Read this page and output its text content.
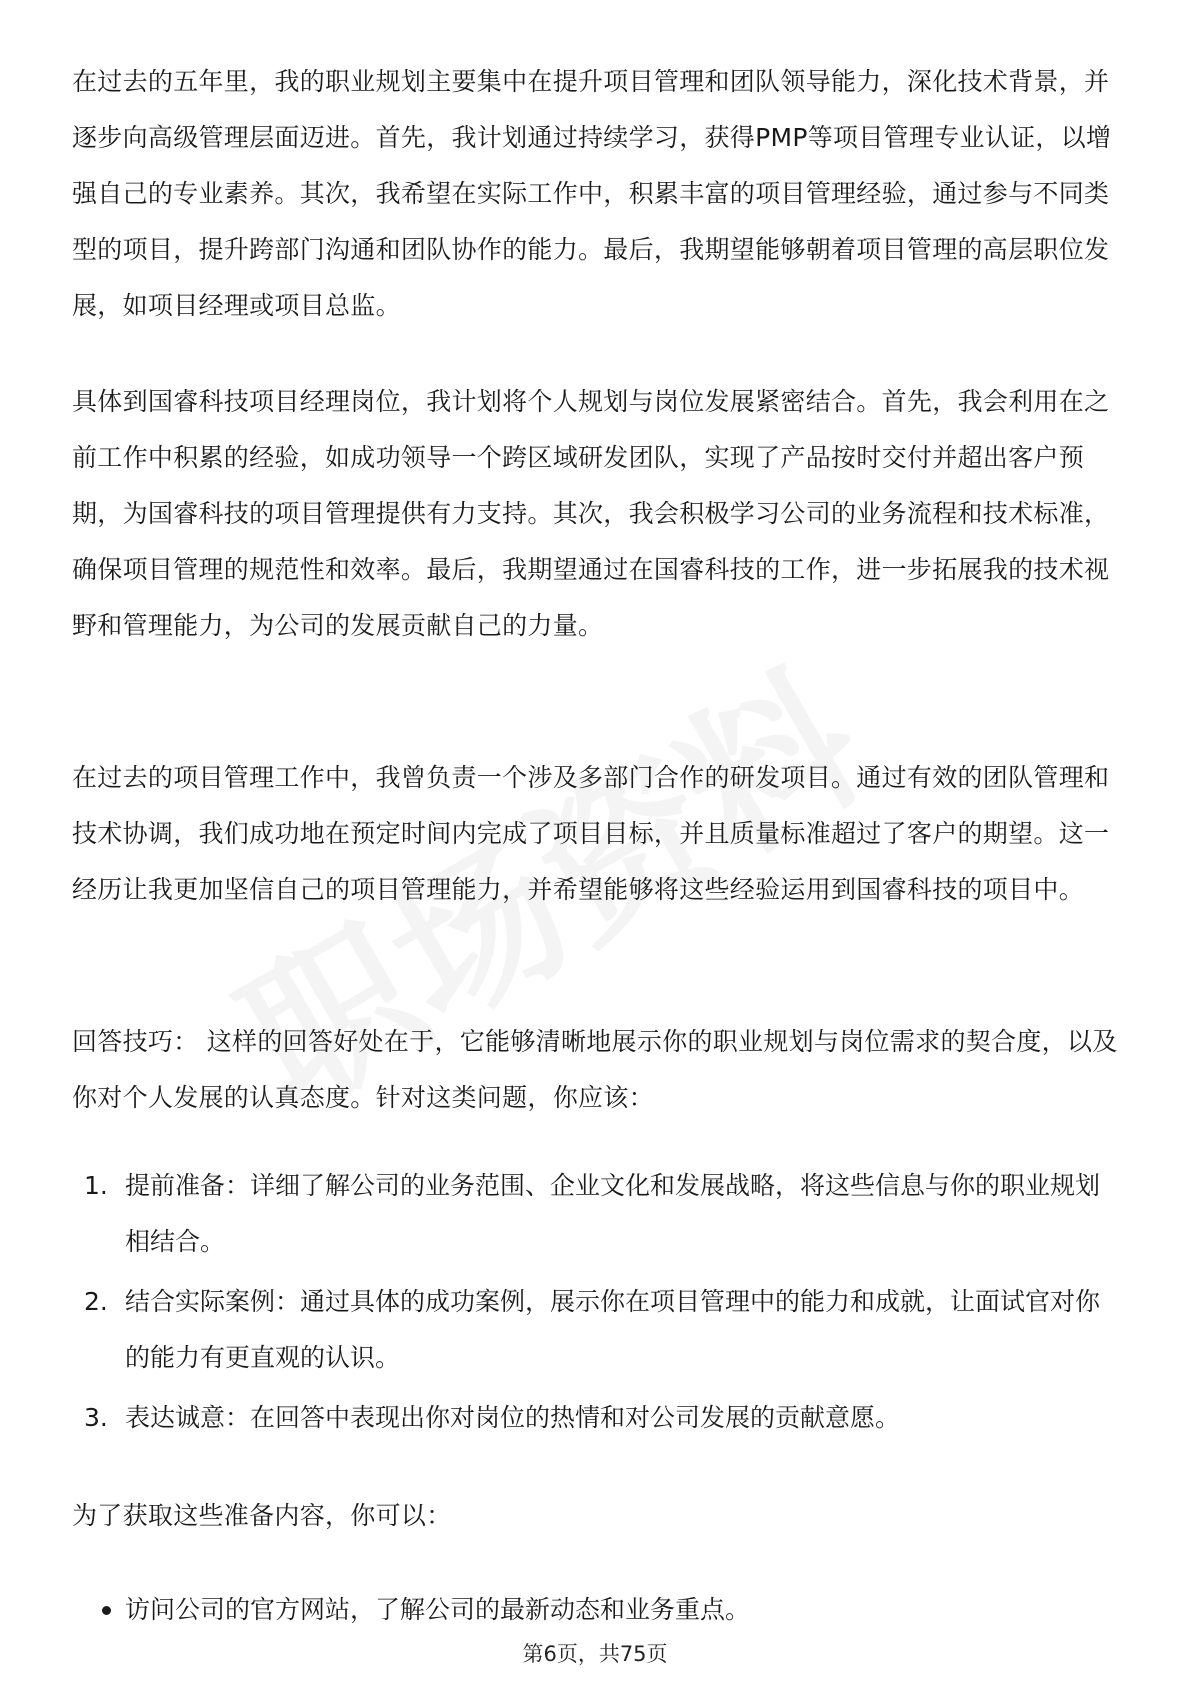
在过去的五年里，我的职业规划主要集中在提升项目管理和团队领导能力，深化技术背景，并逐步向高级管理层面迈进。首先，我计划通过持续学习，获得PMP等项目管理专业认证，以增强自己的专业素养。其次，我希望在实际工作中，积累丰富的项目管理经验，通过参与不同类型的项目，提升跨部门沟通和团队协作的能力。最后，我期望能够朝着项目管理的高层职位发展，如项目经理或项目总监。

具体到国睿科技项目经理岗位，我计划将个人规划与岗位发展紧密结合。首先，我会利用在之前工作中积累的经验，如成功领导一个跨区域研发团队，实现了产品按时交付并超出客户预期，为国睿科技的项目管理提供有力支持。其次，我会积极学习公司的业务流程和技术标准，确保项目管理的规范性和效率。最后，我期望通过在国睿科技的工作，进一步拓展我的技术视野和管理能力，为公司的发展贡献自己的力量。

在过去的项目管理工作中，我曾负责一个涉及多部门合作的研发项目。通过有效的团队管理和技术协调，我们成功地在预定时间内完成了项目目标，并且质量标准超过了客户的期望。这一经历让我更加坚信自己的项目管理能力，并希望能够将这些经验运用到国睿科技的项目中。

回答技巧： 这样的回答好处在于，它能够清晰地展示你的职业规划与岗位需求的契合度，以及你对个人发展的认真态度。针对这类问题，你应该：

1. 提前准备：详细了解公司的业务范围、企业文化和发展战略，将这些信息与你的职业规划相结合。
2. 结合实际案例：通过具体的成功案例，展示你在项目管理中的能力和成就，让面试官对你的能力有更直观的认识。
3. 表达诚意：在回答中表现出你对岗位的热情和对公司发展的贡献意愿。

为了获取这些准备内容，你可以：

访问公司的官方网站，了解公司的最新动态和业务重点。
第6页，共75页
